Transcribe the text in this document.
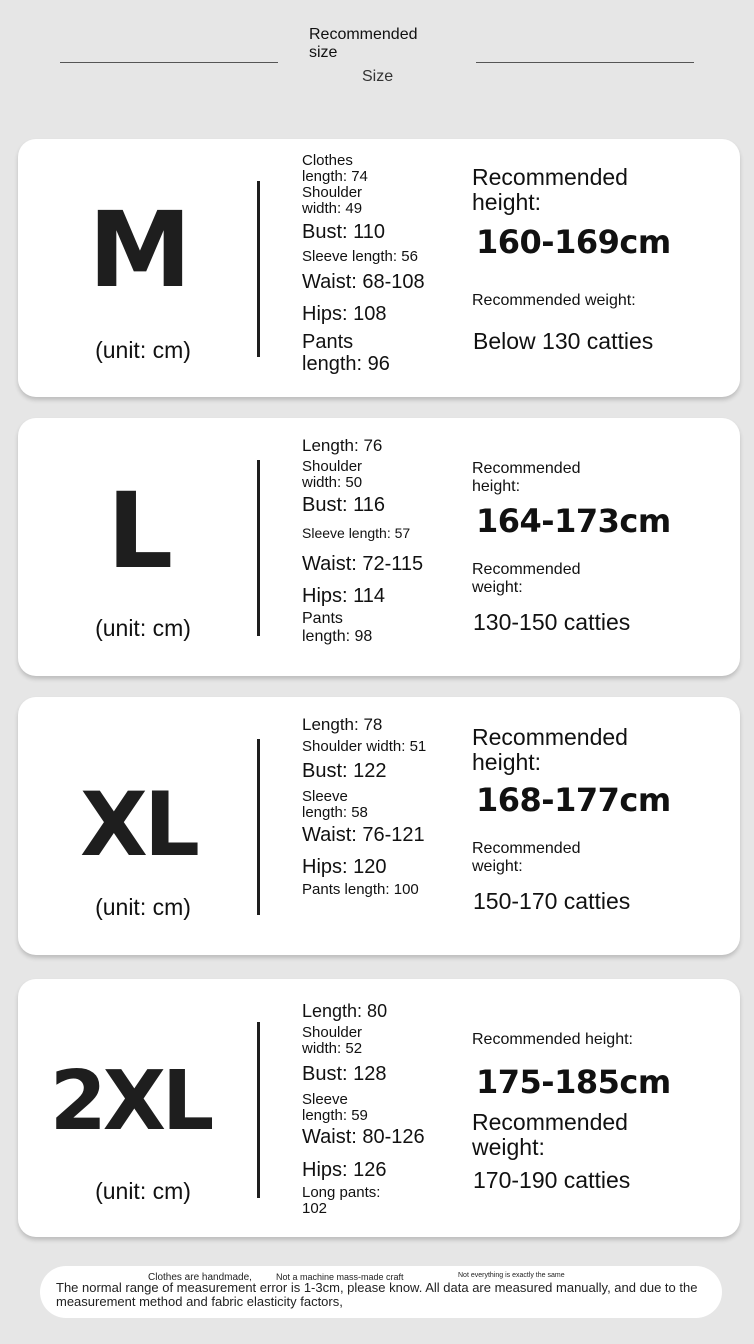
Recommended size
Size
M
(unit: cm)
Clothes length: 74
Shoulder width: 49
Bust: 110
Sleeve length: 56
Waist: 68-108
Hips: 108
Pants length: 96
Recommended height:
160-169cm
Recommended weight:
Below 130 catties
L
(unit: cm)
Length: 76
Shoulder width: 50
Bust: 116
Sleeve length: 57
Waist: 72-115
Hips: 114
Pants length: 98
Recommended height:
164-173cm
Recommended weight:
130-150 catties
XL
(unit: cm)
Length: 78
Shoulder width: 51
Bust: 122
Sleeve length: 58
Waist: 76-121
Hips: 120
Pants length: 100
Recommended height:
168-177cm
Recommended weight:
150-170 catties
2XL
(unit: cm)
Length: 80
Shoulder width: 52
Bust: 128
Sleeve length: 59
Waist: 80-126
Hips: 126
Long pants: 102
Recommended height:
175-185cm
Recommended weight:
170-190 catties
Clothes are handmade,	Not a machine mass-made craft	Not everything is exactly the same
The normal range of measurement error is 1-3cm, please know. All data are measured manually, and due to the measurement method and fabric elasticity factors,
